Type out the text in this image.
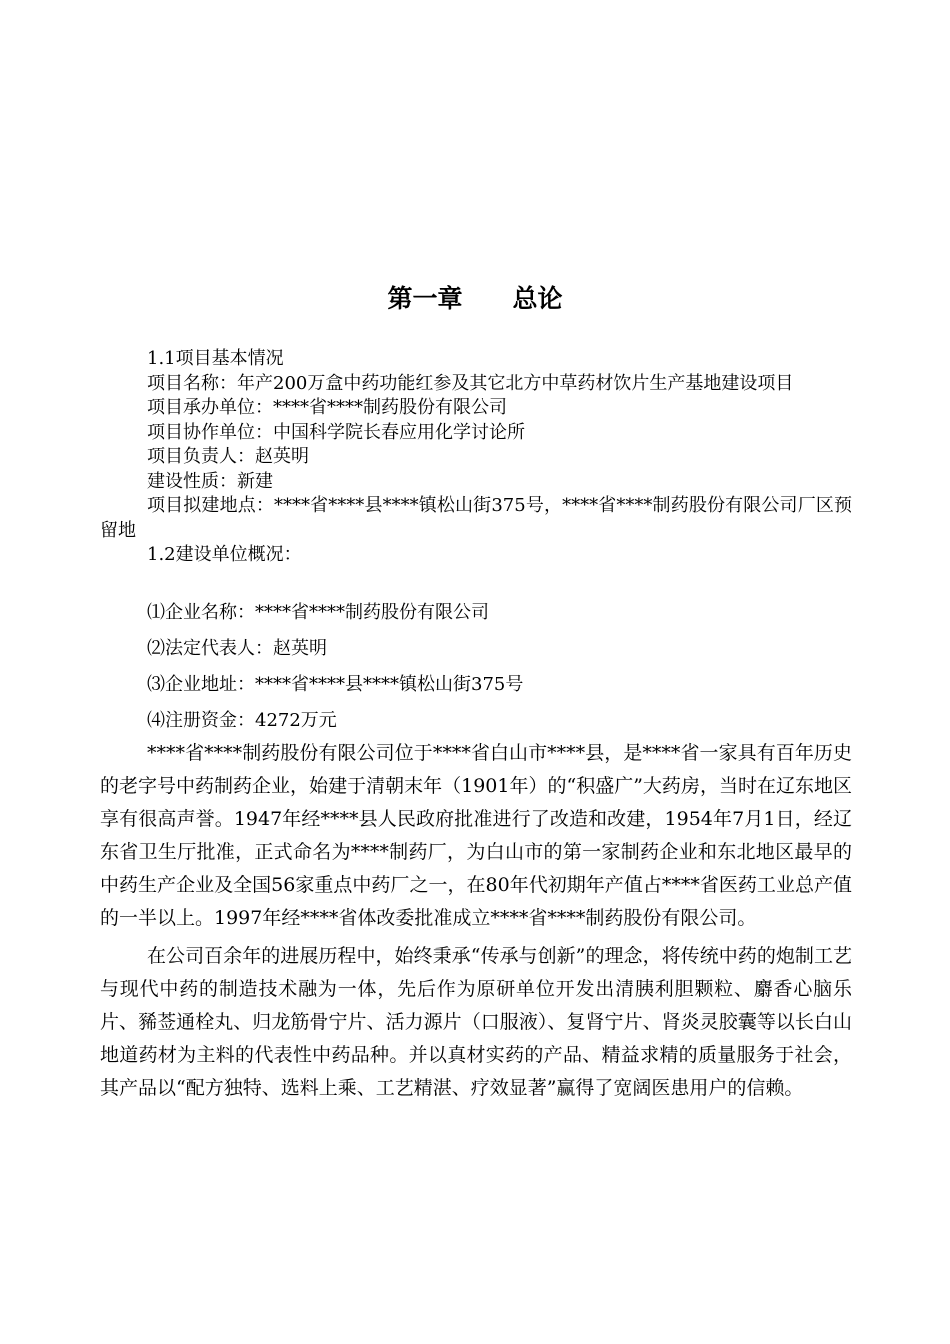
第一章　　总论

1.1项目基本情况

项目名称：年产200万盒中药功能红参及其它北方中草药材饮片生产基地建设项目

项目承办单位：****省****制药股份有限公司

项目协作单位：中国科学院长春应用化学讨论所

项目负责人：赵英明

建设性质：新建

项目拟建地点：****省****县****镇松山街375号，****省****制药股份有限公司厂区预留地

1.2建设单位概况：

⑴企业名称：****省****制药股份有限公司

⑵法定代表人：赵英明

⑶企业地址：****省****县****镇松山街375号

⑷注册资金：4272万元

****省****制药股份有限公司位于****省白山市****县，是****省一家具有百年历史的老字号中药制药企业，始建于清朝末年（1901年）的“积盛广”大药房，当时在辽东地区享有很高声誉。1947年经****县人民政府批准进行了改造和改建，1954年7月1日，经辽东省卫生厅批准，正式命名为****制药厂，为白山市的第一家制药企业和东北地区最早的中药生产企业及全国56家重点中药厂之一，在80年代初期年产值占****省医药工业总产值的一半以上。1997年经****省体改委批准成立****省****制药股份有限公司。

在公司百余年的进展历程中，始终秉承“传承与创新”的理念，将传统中药的炮制工艺与现代中药的制造技术融为一体，先后作为原研单位开发出清胰利胆颗粒、麝香心脑乐片、豨莶通栓丸、归龙筋骨宁片、活力源片（口服液）、复肾宁片、肾炎灵胶囊等以长白山地道药材为主料的代表性中药品种。并以真材实药的产品、精益求精的质量服务于社会，其产品以“配方独特、选料上乘、工艺精湛、疗效显著”赢得了宽阔医患用户的信赖。
